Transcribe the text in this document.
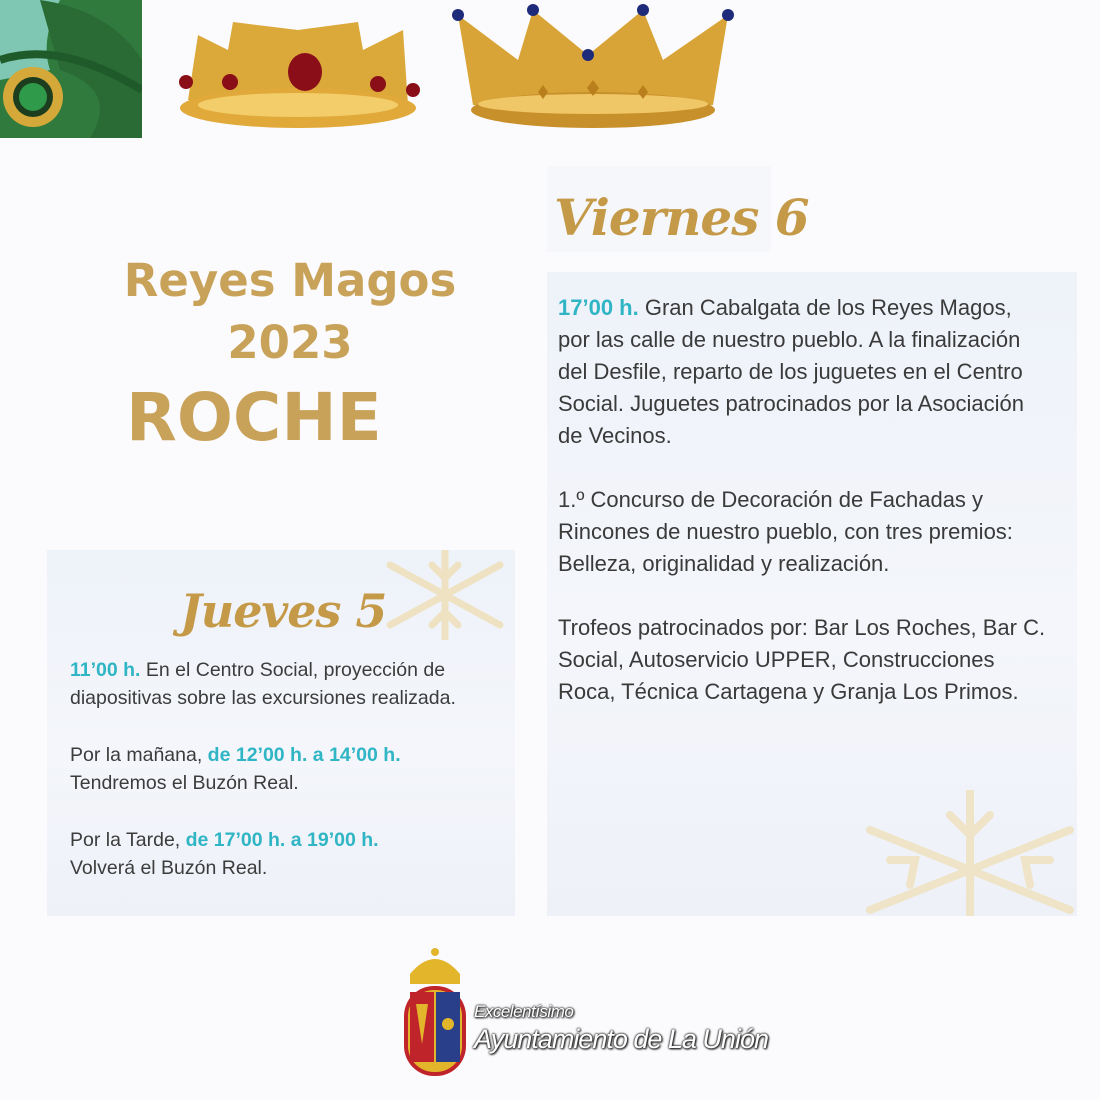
Reyes Magos
2023
ROCHE
Jueves 5

11’00 h. En el Centro Social, proyección de diapositivas sobre las excursiones realizada.

Por la mañana, de 12’00 h. a 14’00 h.
Tendremos el Buzón Real.

Por la Tarde, de 17’00 h. a 19’00 h.
Volverá el Buzón Real.

Viernes 6

17’00 h. Gran Cabalgata de los Reyes Magos, por las calle de nuestro pueblo. A la finalización del Desfile, reparto de los juguetes en el Centro Social. Juguetes patrocinados por la Asociación de Vecinos.

1.º Concurso de Decoración de Fachadas y Rincones de nuestro pueblo, con tres premios: Belleza, originalidad y realización.

Trofeos patrocinados por: Bar Los Roches, Bar C. Social, Autoservicio UPPER, Construcciones Roca, Técnica Cartagena y Granja Los Primos.

Excelentísimo
Ayuntamiento de La Unión
